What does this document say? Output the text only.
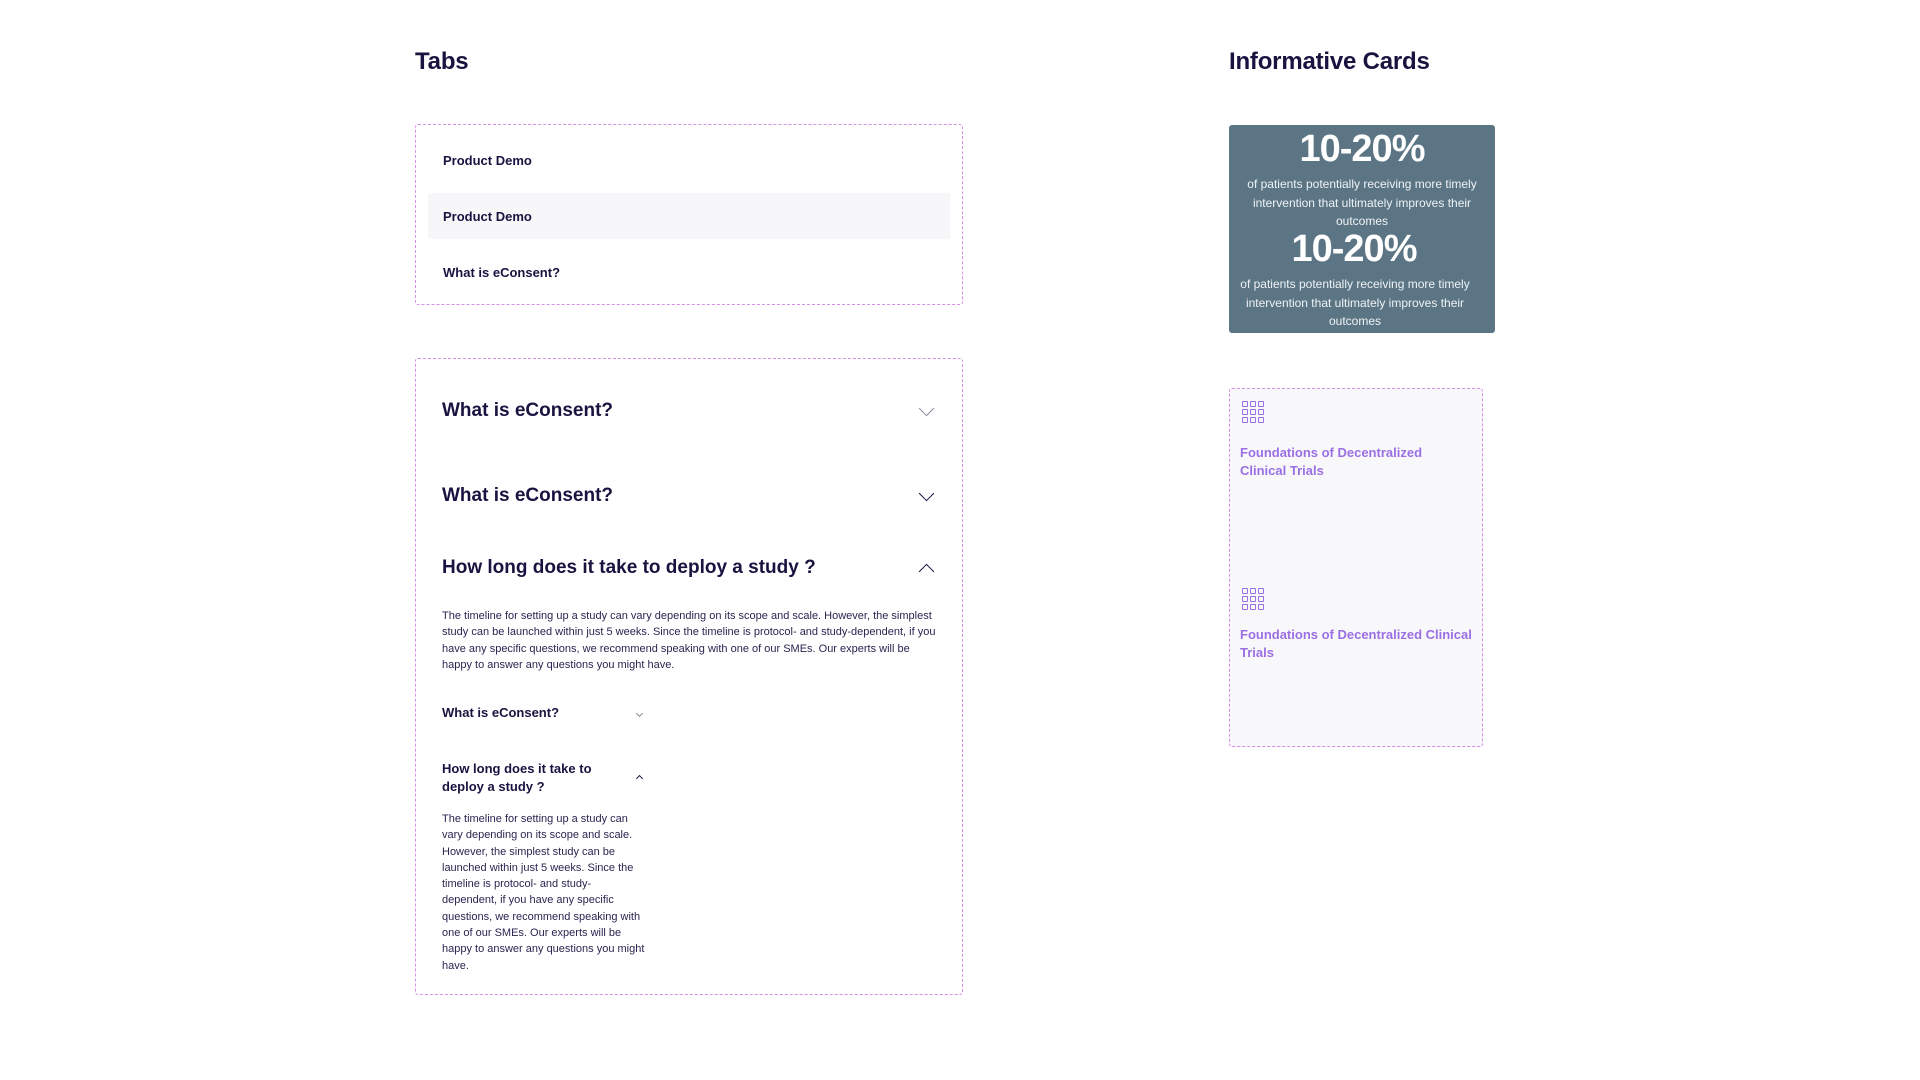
Tabs	Informative Cards
Product Demo
Product Demo
What is eConsent?
What is eConsent?
What is eConsent?
How long does it take to deploy a study ?

The timeline for setting up a study can vary depending on its scope and scale. However, the simplest study can be launched within just 5 weeks. Since the timeline is protocol- and study-dependent, if you have any specific questions, we recommend speaking with one of our SMEs. Our experts will be happy to answer any questions you might have.

What is eConsent?
How long does it take to deploy a study ?

The timeline for setting up a study can vary depending on its scope and scale. However, the simplest study can be launched within just 5 weeks. Since the timeline is protocol- and study-dependent, if you have any specific questions, we recommend speaking with one of our SMEs. Our experts will be happy to answer any questions you might have.

10-20%

of patients potentially receiving more timely intervention that ultimately improves their outcomes

10-20%

of patients potentially receiving more timely intervention that ultimately improves their outcomes

Foundations of Decentralized Clinical Trials

Foundations of Decentralized Clinical Trials
